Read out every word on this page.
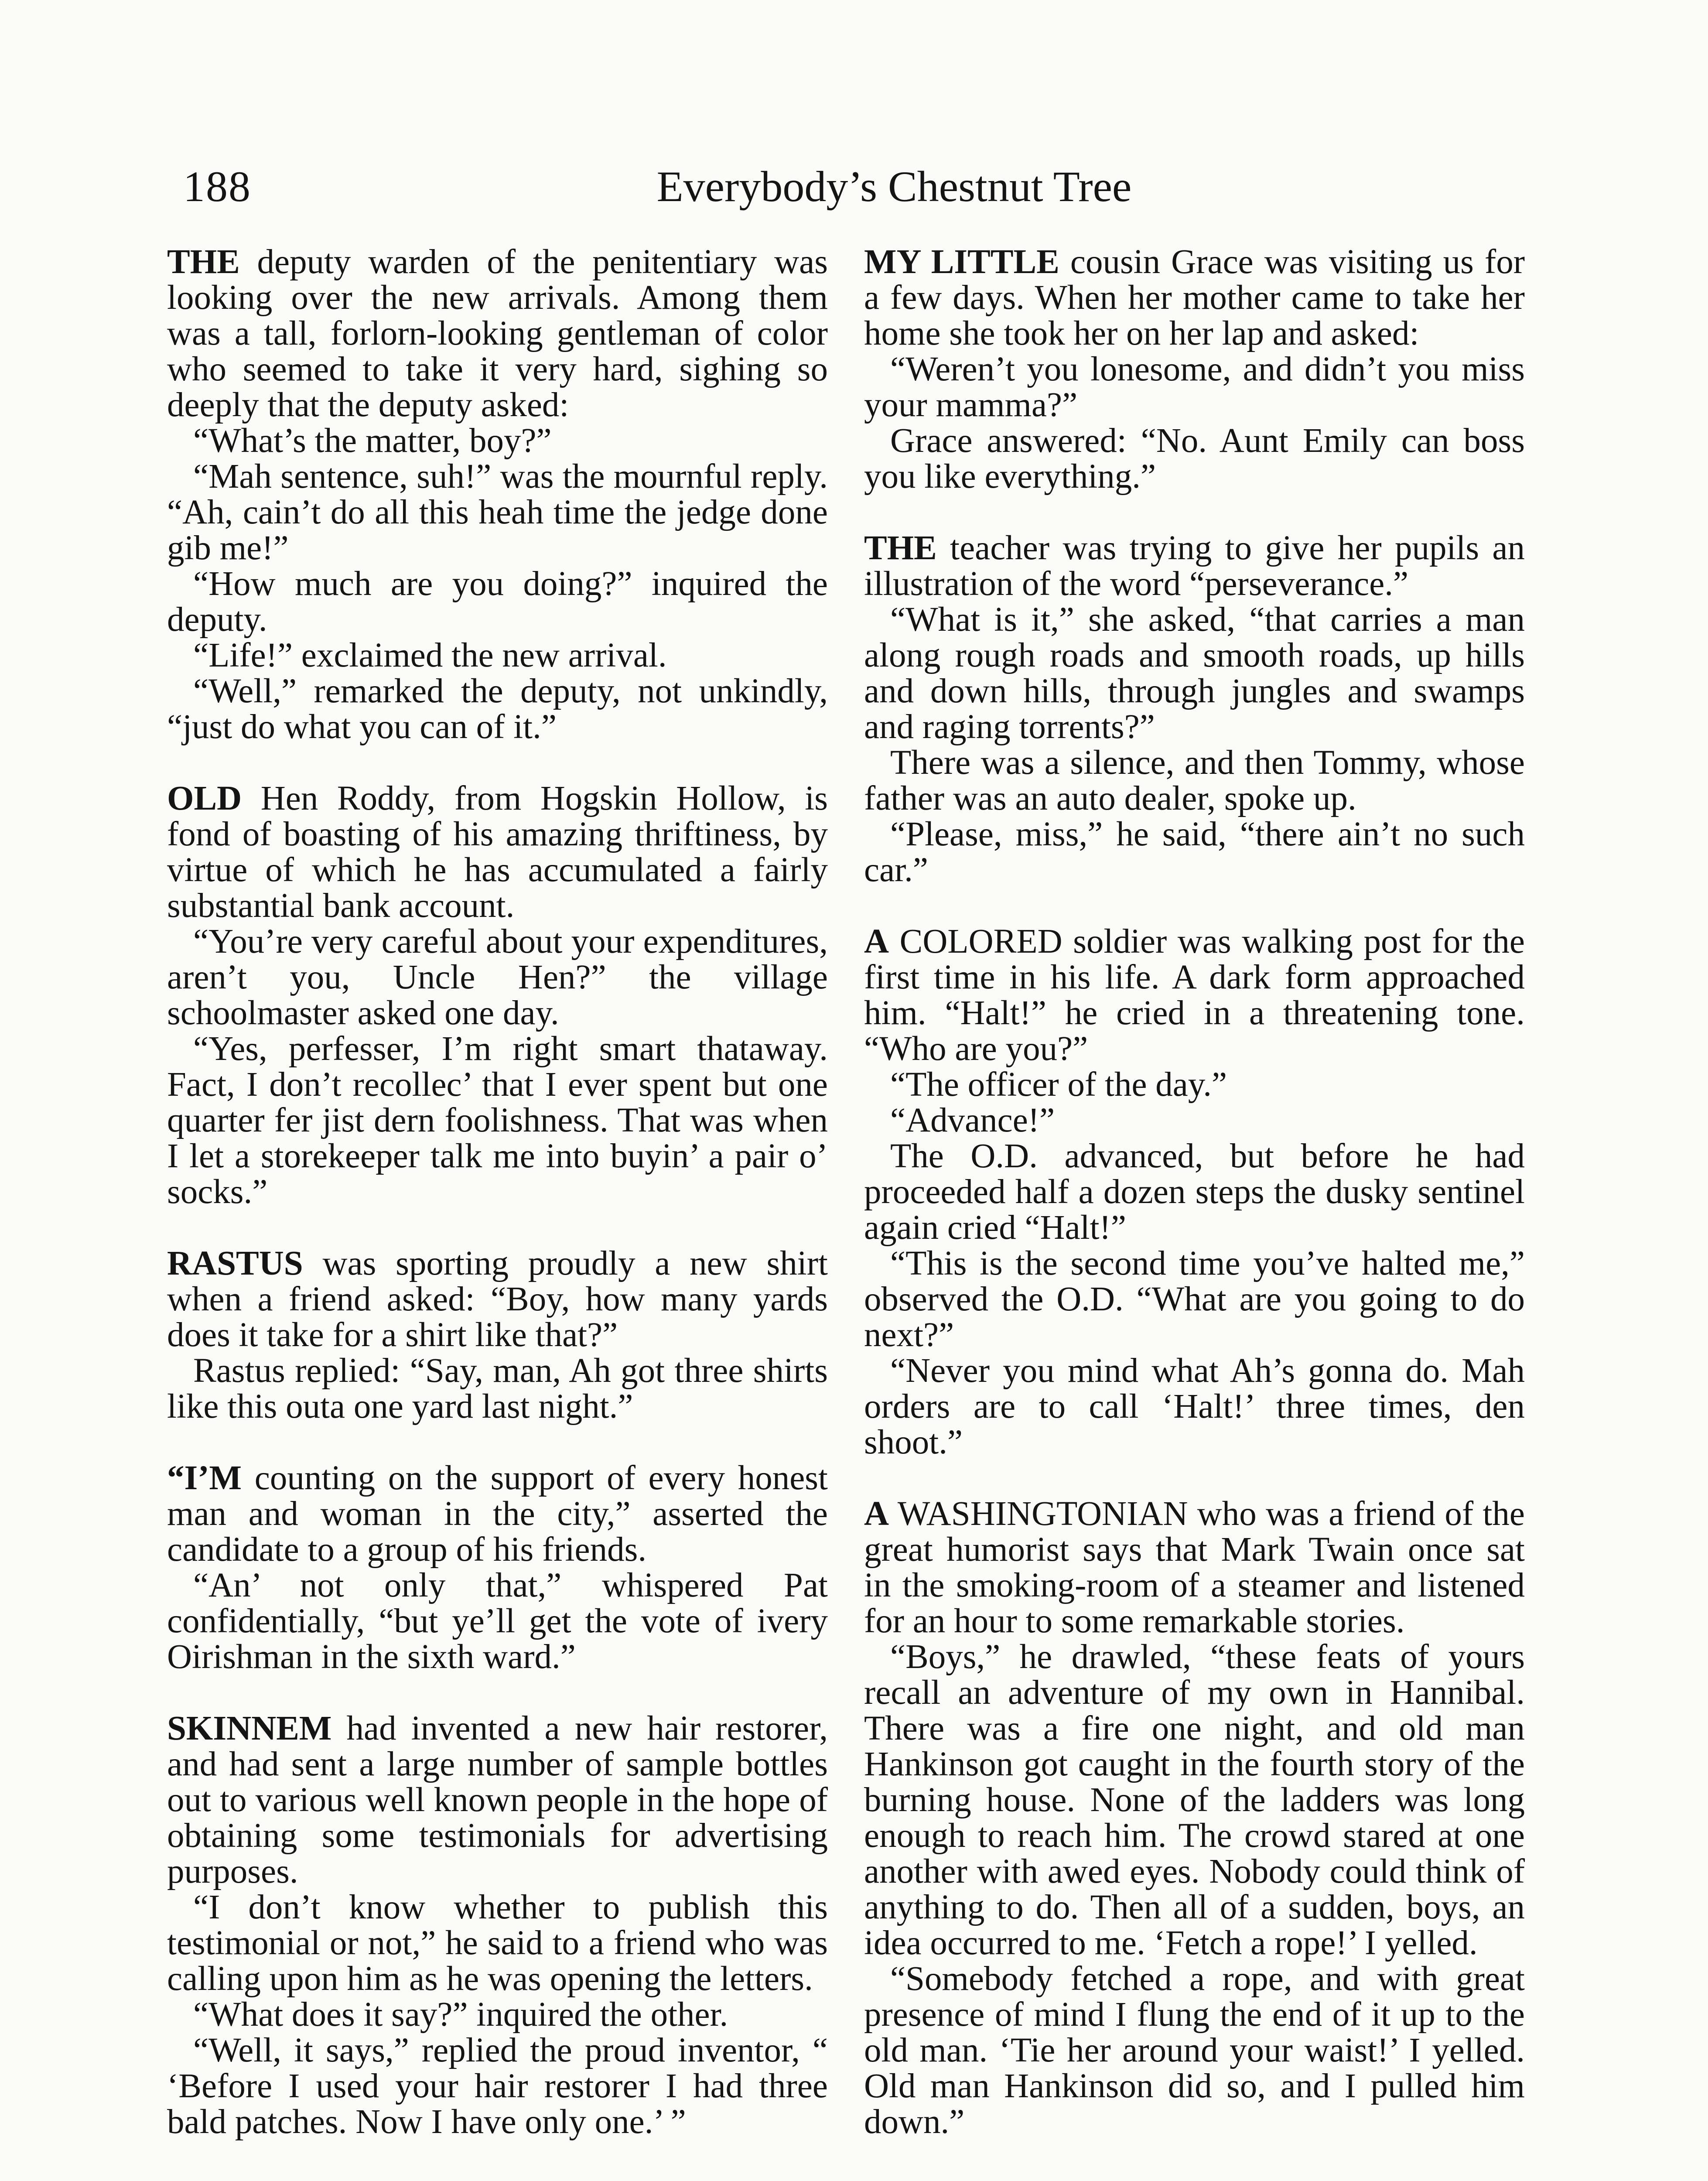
188	Everybody’s Chestnut Tree

THE deputy warden of the penitentiary was looking over the new arrivals. Among them was a tall, forlorn-looking gentleman of color who seemed to take it very hard, sighing so deeply that the deputy asked:

“What’s the matter, boy?”

“Mah sentence, suh!” was the mournful reply. “Ah, cain’t do all this heah time the jedge done gib me!”

“How much are you doing?” inquired the deputy.

“Life!” exclaimed the new arrival.

“Well,” remarked the deputy, not unkindly, “just do what you can of it.”

OLD Hen Roddy, from Hogskin Hollow, is fond of boasting of his amazing thriftiness, by virtue of which he has accumulated a fairly substantial bank account.

“You’re very careful about your expenditures, aren’t you, Uncle Hen?” the village schoolmaster asked one day.

“Yes, perfesser, I’m right smart thataway. Fact, I don’t recollec’ that I ever spent but one quarter fer jist dern foolishness. That was when I let a storekeeper talk me into buyin’ a pair o’ socks.”

RASTUS was sporting proudly a new shirt when a friend asked: “Boy, how many yards does it take for a shirt like that?”

Rastus replied: “Say, man, Ah got three shirts like this outa one yard last night.”

“I’M counting on the support of every honest man and woman in the city,” asserted the candidate to a group of his friends.

“An’ not only that,” whispered Pat confidentially, “but ye’ll get the vote of ivery Oirishman in the sixth ward.”

SKINNEM had invented a new hair restorer, and had sent a large number of sample bottles out to various well known people in the hope of obtaining some testimonials for advertising purposes.

“I don’t know whether to publish this testimonial or not,” he said to a friend who was calling upon him as he was opening the letters.

“What does it say?” inquired the other.

“Well, it says,” replied the proud inventor, “ ‘Before I used your hair restorer I had three bald patches. Now I have only one.’ ”

MY LITTLE cousin Grace was visiting us for a few days. When her mother came to take her home she took her on her lap and asked:

“Weren’t you lonesome, and didn’t you miss your mamma?”

Grace answered: “No. Aunt Emily can boss you like everything.”

THE teacher was trying to give her pupils an illustration of the word “perseverance.”

“What is it,” she asked, “that carries a man along rough roads and smooth roads, up hills and down hills, through jungles and swamps and raging torrents?”

There was a silence, and then Tommy, whose father was an auto dealer, spoke up.

“Please, miss,” he said, “there ain’t no such car.”

A COLORED soldier was walking post for the first time in his life. A dark form approached him. “Halt!” he cried in a threatening tone. “Who are you?”

“The officer of the day.”

“Advance!”

The O.D. advanced, but before he had proceeded half a dozen steps the dusky sentinel again cried “Halt!”

“This is the second time you’ve halted me,” observed the O.D. “What are you going to do next?”

“Never you mind what Ah’s gonna do. Mah orders are to call ‘Halt!’ three times, den shoot.”

A WASHINGTONIAN who was a friend of the great humorist says that Mark Twain once sat in the smoking-room of a steamer and listened for an hour to some remarkable stories.

“Boys,” he drawled, “these feats of yours recall an adventure of my own in Hannibal. There was a fire one night, and old man Hankinson got caught in the fourth story of the burning house. None of the ladders was long enough to reach him. The crowd stared at one another with awed eyes. Nobody could think of anything to do. Then all of a sudden, boys, an idea occurred to me. ‘Fetch a rope!’ I yelled.

“Somebody fetched a rope, and with great presence of mind I flung the end of it up to the old man. ‘Tie her around your waist!’ I yelled. Old man Hankinson did so, and I pulled him down.”
